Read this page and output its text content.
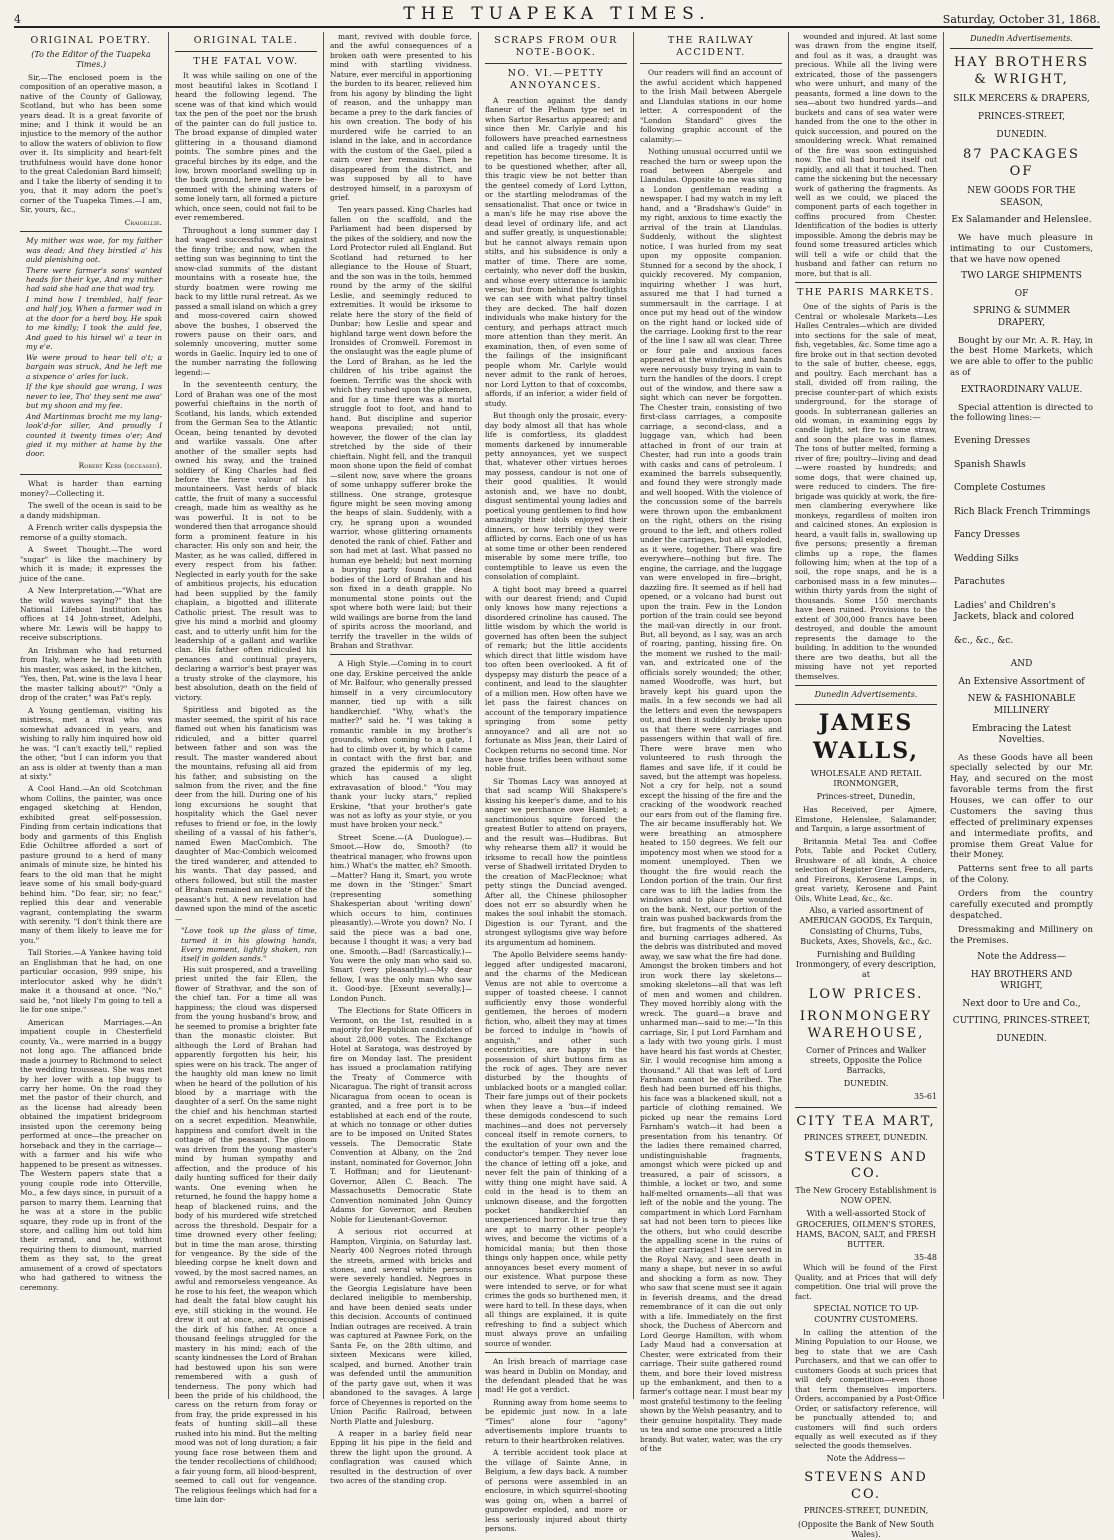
4	THE TUAPEKA TIMES.	Saturday, October 31, 1868.
ORIGINAL POETRY.
(To the Editor of the Tuapeka Times.)

Sir,—The enclosed poem is the composition of an operative mason, a native of the County of Galloway, Scotland, but who has been some years dead. It is a great favorite of mine; and I think it would be an injustice to the memory of the author to allow the waters of oblivion to flow over it. Its simplicity and heart-felt truthfulness would have done honor to the great Caledonian Bard himself; and I take the liberty of sending it to you, that it may adorn the poet's corner of the Tuapeka Times.—I am, Sir, yours, &c.,

Craigellie.

My mither was wae, for my faither was dead; And they birstled a' his auld plenishing oot.

There were farmer's sons' wanted heads for their kye, And my mither had said she had ane that wad try.

I mind how I trembled, half fear and half joy, When a farmer wad in at the door for a herd boy. He spak to me kindly; I took the auld fee, And gaed to his hirsel wi' a tear in my e'e.

We were proud to hear tell o't; a bargain was struck, And he left me a sixpence o' arles for luck.

If the kye should gae wrang, I was never to lee, Tho' they sent me awa' but my shoon and my fee.

And Martinmas brocht me my lang-look'd-for siller, And proudly I counted it twenty times o'er; And gied it my mither at hame by the door.

Robert Kerr (deceased).

What is harder than earning money?—Collecting it.

The swell of the ocean is said to be a dandy midshipman.

A French writer calls dyspepsia the remorse of a guilty stomach.

A Sweet Thought.—The word "sugar" is like the machinery by which it is made; it expresses the juice of the cane.

A New Interpretation.—"What are the wild waves saying?" that the National Lifeboat Institution has offices at 14 John-street, Adelphi, where Mr. Lewis will be happy to receive subscriptions.

An Irishman who had returned from Italy, where he had been with his master, was asked, in the kitchen, "Yes, then, Pat, wine is the lava I hear the master talking about?" "Only a drop of the crater," was Pat's reply.

A Young gentleman, visiting his mistress, met a rival who was somewhat advanced in years, and wishing to rally him inquired how old he was. "I can't exactly tell," replied the other, "but I can inform you that an ass is older at twenty than a man at sixty."

A Cool Hand.—An old Scotchman whom Collins, the painter, was once engaged sketching at Hendon, exhibited great self-possession. Finding from certain indications that body and garments of this English Edie Ochiltree afforded a sort of pasture ground to a herd of many animals of minute size, he hinted his fears to the old man that he might leave some of his small body-guard behind him. "Do fear, sir; no fear," replied this dear and venerable vagrant, contemplating the swarm with serenity. "I don't think there are many of them likely to leave me for you."

Tall Stories.—A Yankee having told an Englishman that he had, on one particular occasion, 999 snipe, his interlocutor asked why he didn't make it a thousand at once. "No," said he, "not likely I'm going to tell a lie for one snipe."

American Marriages.—An impatient couple in Chesterfield county, Va., were married in a buggy not long ago. The affianced bride made a journey to Richmond to select the wedding trousseau. She was met by her lover with a top buggy to carry her home. On the road they met the pastor of their church, and as the license had already been obtained the impatient bridegroom insisted upon the ceremony being performed at once—the preacher on horseback and they in the carriage—with a farmer and his wife who happened to be present as witnesses. The Western papers state that a young couple rode into Otterville, Mo., a few days since, in pursuit of a parson to marry them. Learning that he was at a store in the public square, they rode up in front of the store, and calling him out told him their errand, and he, without requiring them to dismount, married them as they sat, to the great amusement of a crowd of spectators who had gathered to witness the ceremony.

ORIGINAL TALE.
THE FATAL VOW.

It was while sailing on one of the most beautiful lakes in Scotland I heard the following legend. The scene was of that kind which would tax the pen of the poet nor the brush of the painter can do full justice to. The broad expanse of dimpled water glittering in a thousand diamond points. The sombre pines and the graceful birches by its edge, and the low, brown moorland swelling up in the back ground, here and there be-gemmed with the shining waters of some lonely tarn, all formed a picture which, once seen, could not fail to be ever remembered.

Throughout a long summer day I had waged successful war against the finny tribe; and now, when the setting sun was beginning to tint the snow-clad summits of the distant mountains with a roseate hue, the sturdy boatmen were rowing me back to my little rural retreat. As we passed a small island on which a grey and moss-covered cairn showed above the bushes, I observed the rowers pause on their oars, and solemnly uncovering, mutter some words in Gaelic. Inquiry led to one of the number narrating the following legend:—

In the seventeenth century, the Lord of Brahan was one of the most powerful chieftains in the north of Scotland, his lands, which extended from the German Sea to the Atlantic Ocean, being tenanted by devoted and warlike vassals. One after another of the smaller septs had owned his sway, and the trained soldiery of King Charles had fled before the fierce valour of his mountaineers. Vast herds of black cattle, the fruit of many a successful creagh, made him as wealthy as he was powerful. It is not to be wondered then that arrogance should form a prominent feature in his character. His only son and heir, the Master, as he was called, differed in every respect from his father. Neglected in early youth for the sake of ambitious projects, his education had been supplied by the family chaplain, a bigotted and illiterate Catholic priest. The result was to give his mind a morbid and gloomy cast, and to utterly unfit him for the leadership of a gallant and warlike clan. His father often ridiculed his penances and continual prayers, declaring a warrior's best prayer was a trusty stroke of the claymore, his best absolution, death on the field of victory.

Spiritless and bigoted as the master seemed, the spirit of his race flamed out when his fanaticism was ridiculed, and a bitter quarrel between father and son was the result. The master wandered about the mountains, refusing all aid from his father, and subsisting on the salmon from the river, and the fine deer from the hill. During one of his long excursions he sought that hospitality which the Gael never refuses to friend or foe, in the lowly sheiling of a vassal of his father's, named Ewen MacCombich. The daughter of Mac-Combich welcomed the tired wanderer, and attended to his wants. That day passed, and others followed, but still the master of Brahan remained an inmate of the peasant's hut. A new revelation had dawned upon the mind of the ascetic—

"Love took up the glass of time, turned it in his glowing hands, Every moment, lightly shaken, ran itself in golden sands."

His suit prospered, and a travelling priest united the fair Ellen, the flower of Strathvar, and the son of the chief tan. For a time all was happiness; the cloud was dispersed from the young husband's brow, and he seemed to promise a brighter fate than the monastic cloister. But although the Lord of Brahan had apparently forgotten his heir, his spies were on his track. The anger of the haughty old man knew no limit when he heard of the pollution of his blood by a marriage with the daughter of a serf. On the same night the chief and his henchman started on a secret expedition. Meanwhile, happiness and comfort dwelt in the cottage of the peasant. The gloom was driven from the young master's mind by human sympathy and affection, and the produce of his daily hunting sufficed for their daily wants. One evening when he returned, he found the happy home a heap of blackened ruins, and the body of his murdered wife stretched across the threshold. Despair for a time drowned every other feeling; but in time the man arose, thirsting for vengeance. By the side of the bleeding corpse he knelt down and vowed, by the most sacred names, an awful and remorseless vengeance. As he rose to his feet, the weapon which had dealt the fatal blow caught his eye, still sticking in the wound. He drew it out at once, and recognised the dirk of his father. At once a thousand feelings struggled for the mastery in his mind; each of the scanty kindnesses the Lord of Brahan had bestowed upon his son were remembered with a gush of tenderness. The pony which had been the pride of his childhood, the caress on the return from foray or from fray, the pride expressed in his feats of hunting skill—all these rushed into his mind. But the melting mood was not of long duration; a fair young face rose between them and the tender recollections of childhood; a fair young form, all blood-besprent, seemed to call out for vengeance. The religious feelings which had for a time lain dor-

mant, revived with double force, and the awful consequences of a broken oath were presented to his mind with startling vividness. Nature, ever merciful in apportioning the burden to its bearer, relieved him from his agony by blinding the light of reason, and the unhappy man became a prey to the dark fancies of his own creation. The body of his murdered wife he carried to an island in the lake, and in accordance with the custom of the Gael, piled a cairn over her remains. Then he disappeared from the district, and was supposed by all to have destroyed himself, in a paroxysm of grief.

Ten years passed. King Charles had fallen on the scaffold, and the Parliament had been dispersed by the pikes of the soldiery, and now the Lord Protector ruled all England. But Scotland had returned to her allegiance to the House of Stuart, and the son was in the toils, hemmed round by the army of the skilful Leslie, and seemingly reduced to extremities. It would be irksome to relate here the story of the field of Dunbar; how Leslie and spear and highland targe went down before the Ironsides of Cromwell. Foremost in the onslaught was the eagle plume of the Lord of Brahan, as he led the children of his tribe against the foemen. Terrific was the shock with which they rushed upon the pikemen, and for a time there was a mortal struggle foot to foot, and hand to hand. But discipline and superior weapons prevailed; not until, however, the flower of the clan lay stretched by the side of their chieftain. Night fell, and the tranquil moon shone upon the field of combat—silent now, save where the groans of some unhappy sufferer broke the stillness. One strange, grotesque figure might be seen moving among the heaps of slain. Suddenly, with a cry, he sprang upon a wounded warrior, whose glittering ornaments denoted the rank of chief. Father and son had met at last. What passed no human eye beheld; but next morning a burying party found the dead bodies of the Lord of Brahan and his son fixed in a death grapple. No monumental stone points out the spot where both were laid; but their wild wailings are borne from the land of spirits across the moorland, and terrify the traveller in the wilds of Brahan and Strathvar.

A High Style.—Coming in to court one day, Erskine perceived the ankle of Mr. Balfour, who generally pressed himself in a very circumlocutory manner, tied up with a silk handkerchief. "Why, what's the matter?" said he. "I was taking a romantic ramble in my brother's grounds, when coming to a gate, I had to climb over it, by which I came in contact with the first bar, and grazed the epidermis of my leg, which has caused a slight extravasation of blood." "You may thank your lucky stars," replied Erskine, "that your brother's gate was not as lofty as your style, or you must have broken your neck."

Street Scene.—(A Duologue).—Smoot.—How do, Smooth? (to theatrical manager, who frowns upon him.) What's the matter, eh? Smooth.—Matter? Hang it, Smart, you wrote me down in the 'Stinger.' Smart (representing something Shakesperian about 'writing down' which occurs to him, continues pleasantly).—Wrote you down? No. I said the piece was a bad one, because I thought it was; a very bad one. Smooth.—Bad! (Sarcastically.)—You were the only man who said so. Smart (very pleasantly).—My dear fellow, I was the only man who saw it. Good-bye. [Exeunt severally.]—London Punch.

The Elections for State Officers in Vermont, on the 1st, resulted in a majority for Republican candidates of about 28,000 votes. The Exchange Hotel at Saratoga, was destroyed by fire on Monday last. The president has issued a proclamation ratifying the Treaty of Commerce with Nicaragua. The right of transit across Nicaragua from ocean to ocean is granted, and a free port is to be established at each end of the route, at which no tonnage or other duties are to be imposed on United States vessels. The Democratic State Convention at Albany, on the 2nd instant, nominated for Governor, John T. Hoffman; and for Lieutenant-Governor, Allen C. Beach. The Massachusetts Democratic State Convention nominated John Quincy Adams for Governor, and Reuben Noble for Lieutenant-Governor.

A serious riot occurred at Hampton, Virginia, on Saturday last. Nearly 400 Negroes rioted through the streets, armed with bricks and stones, and several white persons were severely handled. Negroes in the Georgia Legislature have been declared ineligible to membership, and have been denied seats under this decision. Accounts of continued Indian outrages are received. A train was captured at Pawnee Fork, on the Santa Fe, on the 28th ultimo, and sixteen Mexicans were killed, scalped, and burned. Another train was defended until the ammunition of the party gave out, when it was abandoned to the savages. A large force of Cheyennes is reported on the Union Pacific Railroad, between North Platte and Julesburg.

A reaper in a barley field near Epping lit his pipe in the field and threw the light upon the ground. A conflagration was caused which resulted in the destruction of over two acres of the standing crop.

SCRAPS FROM OUR NOTE-BOOK.
NO. VI.—PETTY ANNOYANCES.

A reaction against the dandy flaneur of the Pelham type set in when Sartor Resartus appeared; and since then Mr. Carlyle and his followers have preached earnestness and called life a tragedy until the repetition has become tiresome. It is to be questioned whether, after all, this tragic view be not better than the genteel comedy of Lord Lytton, or the startling melodramas of the sensationalist. That once or twice in a man's life he may rise above the dead level of ordinary life, and act and suffer greatly, is unquestionable; but he cannot always remain upon stilts, and his subsidence is only a matter of time. There are some, certainly, who never doff the buskin, and whose every utterance is iambic verse; but from behind the footlights we can see with what paltry tinsel they are decked. The half dozen individuals who make history for the century, and perhaps attract much more attention than they merit. An examination, then, of even some of the failings of the insignificant people whom Mr. Carlyle would never admit to the rank of heroes, nor Lord Lytton to that of coxcombs, affords, if an inferior, a wider field of study.

But though only the prosaic, every-day body almost all that has whole life is comfortless, its gladdest moments darkened by innumerable petty annoyances, yet we suspect that, whatever other virtues heroes may possess, candour is not one of their good qualities. It would astonish and, we have no doubt, disgust sentimental young ladies and poetical young gentlemen to find how amazingly their idols enjoyed their dinners, or how terribly they were afflicted by corns. Each one of us has at some time or other been rendered miserable by some mere trifle, too contemptible to leave us even the consolation of complaint.

A tight boot may breed a quarrel with our dearest friend; and Cupid only knows how many rejections a disordered crinoline has caused. The little wisdom by which the world is governed has often been the subject of remark; but the little accidents which direct that little wisdom have too often been overlooked. A fit of dyspepsy may disturb the peace of a continent, and lead to the slaughter of a million men. How often have we let pass the fairest chances on account of the temporary impatience springing from some petty annoyance? and all are not so fortunate as Miss Jean, their Laird of Cockpen returns no second time. Nor have those trifles been without some noble fruit.

Sir Thomas Lacy was annoyed at that sad scamp Will Shakspere's kissing his keeper's dame, and to his anger we perchance owe Hamlet; a sanctimonious squire forced the greatest Butler to attend on prayers, and the result was—Hudibras. But why rehearse them all? it would be irksome to recall how the pointless verse of Shadwell irritated Dryden to the creation of MacFlecknoe; what petty stings the Dunciad avenged. After all, the Chinese philosopher does not err so absurdly when he makes the soul inhabit the stomach. Digestion is our Tyrant, and the strongest syllogisms give way before its argumentum ad hominem.

The Apollo Belvidere seems handy-legged after undigested macaroni, and the charms of the Medicean Venus are not able to overcome a supper of toasted cheese. I cannot sufficiently envy those wonderful gentlemen, the heroes of modern fiction, who, albeit they may at times be forced to indulge in "howls of anguish," and other such eccentricities, are happy in the possession of shirt buttons firm as the rock of ages. They are never disturbed by the thoughts of unblacked boots or a mangled collar. Their fare jumps out of their pockets when they leave a 'bus—if indeed these demigods condescend to such machines—and does not perversely conceal itself in remote corners, to the exultation of your own and the conductor's temper. They never lose the chance of letting off a joke, and never felt the pain of thinking of a witty thing one might have said. A cold in the head is to them an unknown disease, and the forgotten pocket handkerchief an unexperienced horror. It is true they are apt to marry other people's wives, and become the victims of a homicidal mania; but then those things only happen once, while petty annoyances beset every moment of our existence. What purpose these were intended to serve, or for what crimes the gods so burthened men, it were hard to tell. In these days, when all things are explained, it is quite refreshing to find a subject which must always prove an unfailing source of wonder.

An Irish breach of marriage case was heard in Dublin on Monday, and the defendant pleaded that he was mad! He got a verdict.

Running away from home seems to be epidemic just now. In a late "Times" alone four "agony" advertisements implore truants to return to their heartbroken relatives.

A terrible accident took place at the village of Sainte Anne, in Belgium, a few days back. A number of persons were assembled in an enclosure, in which squirrel-shooting was going on, when a barrel of gunpowder exploded, and more or less seriously injured about thirty persons.

THE RAILWAY ACCIDENT.

Our readers will find an account of the awful accident which happened to the Irish Mail between Abergele and Llandulas stations in our home letter. A correspondent of the "London Standard" gives the following graphic account of the calamity:—

Nothing unusual occurred until we reached the turn or sweep upon the road between Abergele and Llandulas. Opposite to me was sitting a London gentleman reading a newspaper. I had my watch in my left hand, and a "Bradshaw's Guide" in my right, anxious to time exactly the arrival of the train at Llandulas. Suddenly, without the slightest notice, I was hurled from my seat upon my opposite companion. Stunned for a second by the shock, I quickly recovered. My companion, inquiring whether I was hurt, assured me that I had turned a summersault in the carriage. I at once put my head out of the window on the right hand or locked side of the carriage. Looking first to the rear of the line I saw all was clear. Three or four pale and anxious faces appeared at the windows, and hands were nervously busy trying in vain to turn the handles of the doors. I crept out of the window, and there saw a sight which can never be forgotten. The Chester train, consisting of two first-class carriages, a composite carriage, a second-class, and a luggage van, which had been attached in front of our train at Chester, had run into a goods train with casks and cans of petroleum. I examined the barrels subsequently, and found they were strongly made and well hooped. With the violence of the concussion some of the barrels were thrown upon the embankment on the right, others on the rising ground to the left, and others rolled under the carriages, but all exploded, as it were, together. There was fire everywhere—nothing but fire. The engine, the carriage, and the luggage van were enveloped in fire—bright, dazzling fire. It seemed as if hell had opened, or a volcano had burst out upon the train. Few in the London portion of the train could see beyond the mail-van directly in our front. But, all beyond, as I say, was an arch of roaring, panting, hissing fire. On the moment we rushed to the mail-van, and extricated one of the officials sorely wounded; the other, named Woodroffe, was hurt, but bravely kept his guard upon the mails. In a few seconds we had all the letters and even the newspapers out, and then it suddenly broke upon us that there were carriages and passengers within that wall of fire. There were brave men who volunteered to rush through the flames and save life, if it could be saved, but the attempt was hopeless. Not a cry for help, not a sound except the hissing of the fire and the cracking of the woodwork reached our ears from out of the flaming fire. The air became insufferably hot. We were breathing an atmosphere heated to 150 degrees. We felt our impotency most when we stood for a moment unemployed. Then we thought the fire would reach the London portion of the train. Our first care was to lift the ladies from the windows and to place the wounded on the bank. Next, our portion of the train was pushed backwards from the fire, but fragments of the shattered and burning carriages adhered. As the debris was distributed and moved away, we saw what the fire had done. Amongst the broken timbers and hot iron work there lay skeletons—smoking skeletons—all that was left of men and women and children. They moved horribly along with the wreck. The guard—a brave and unharmed man—said to me:—"In this carriage, Sir, I put Lord Farnham and a lady with two young girls. I must have heard his fast words at Chester, Sir. I would recognise him among a thousand." All that was left of Lord Farnham cannot be described. The flesh had been burned off his thighs, his face was a blackened skull, not a particle of clothing remained. We picked up near the remains Lord Farnham's watch—it had been a presentation from his tenantry. Of the ladies there remained charred, undistinguishable fragments, amongst which were picked up and treasured, a pair of scissors, a thimble, a locket or two, and some half-melted ornaments—all that was left of the noble and the young. The compartment in which Lord Farnham sat had not been torn to pieces like the others, but who could describe the appalling scene in the ruins of the other carriages! I have served in the Royal Navy, and seen death in many a shape, but never in so awful and shocking a form as now. They who saw that scene must see it again in feverish dreams, and the dread remembrance of it can die out only with a life. Immediately on the first shock, the Duchess of Abercorn and Lord George Hamilton, with whom Lady Maud had a conversation at Chester, were extricated from their carriage. Their suite gathered round them, and bore their loved mistress up the embankment, and then to a farmer's cottage near. I must bear my most grateful testimony to the feeling shown by the Welsh peasantry, and to their genuine hospitality. They made us tea and some one procured a little brandy. But water, water, was the cry of the

wounded and injured. At last some was drawn from the engine itself, and foul as it was, a draught was precious. While all the living were extricated, those of the passengers who were unhurt, and many of the peasants, formed a line down to the sea—about two hundred yards—and buckets and cans of sea water were handed from the one to the other in quick succession, and poured on the smouldering wreck. What remained of the fire was soon extinguished now. The oil had burned itself out rapidly, and all that it touched. Then came the sickening but the necessary work of gathering the fragments. As well as we could, we placed the component parts of each together in coffins procured from Chester. Identification of the bodies is utterly impossible. Among the debris may be found some treasured articles which will tell a wife or child that the husband and father can return no more, but that is all.

THE PARIS MARKETS.

One of the sights of Paris is the Central or wholesale Markets—Les Halles Centrales—which are divided into sections for the sale of meat, fish, vegetables, &c. Some time ago a fire broke out in that section devoted to the sale of butter, cheese, eggs, and poultry. Each merchant has a stall, divided off from railing, the precise counter-part of which exists underground, for the storage of goods. In subterranean galleries an old woman, in examining eggs by candle light, set fire to some straw, and soon the place was in flames. The tons of butter melted, forming a river of fire; poultry—living and dead—were roasted by hundreds; and some dogs, that were chained up, were reduced to cinders. The fire-brigade was quickly at work, the fire-men clambering everywhere like monkeys, regardless of molten iron and calcined stones. An explosion is heard, a vault falls in, swallowing up five persons; presently a fireman climbs up a rope, the flames following him; when at the top of a soil, the rope snaps, and he is a carbonised mass in a few minutes—within thirty yards from the sight of thousands. Some 150 merchants have been ruined. Provisions to the extent of 300,000 francs have been destroyed, and double the amount represents the damage to the building. In addition to the wounded there are two deaths, but all the missing have not yet reported themselves.

Dunedin Advertisements.
JAMES WALLS,
WHOLESALE AND RETAIL IRONMONGER,
Princes-street, Dunedin,

Has Received, per Ajmere, Elmstone, Helenslee, Salamander, and Tarquin, a large assortment of

Britannia Metal Tea and Coffee Pots, Table and Pocket Cutlery, Brushware of all kinds, A choice selection of Register Grates, Fenders, and Fireirons, Kerosene Lamps, in great variety, Kerosene and Paint Oils, White Lead, &c., &c.

Also, a varied assortment of AMERICAN GOODS, Ex Tarquin, Consisting of Churns, Tubs, Buckets, Axes, Shovels, &c., &c.
Furnishing and Building Ironmongery, of every description, at
LOW PRICES.
IRONMONGERY WAREHOUSE,
Corner of Princes and Walker streets, Opposite the Police Barracks,
DUNEDIN.
35-61
CITY TEA MART,
PRINCES STREET, DUNEDIN.
STEVENS AND CO.
The New Grocery Establishment is NOW OPEN.
With a well-assorted Stock of GROCERIES, OILMEN'S STORES, HAMS, BACON, SALT, and FRESH BUTTER.
35-48

Which will be found of the First Quality, and at Prices that will defy competition. One trial will prove the fact.

SPECIAL NOTICE TO UP-COUNTRY CUSTOMERS.

In calling the attention of the Mining Population to our House, we beg to state that we are Cash Purchasers, and that we can offer to customers Goods at such prices that will defy competition—even those that term themselves importers. Orders, accompanied by a Post-Office Order, or satisfactory reference, will be punctually attended to; and customers will find such orders equally as well executed as if they selected the goods themselves.

Note the Address—
STEVENS AND CO.
PRINCES-STREET, DUNEDIN,
(Opposite the Bank of New South Wales).
Dunedin Advertisements.
HAY BROTHERS & WRIGHT,
SILK MERCERS & DRAPERS,
PRINCES-STREET,
DUNEDIN.
87 PACKAGES OF
NEW GOODS FOR THE SEASON,
Ex Salamander and Helenslee.

We have much pleasure in intimating to our Customers, that we have now opened

TWO LARGE SHIPMENTS
OF
SPRING & SUMMER DRAPERY,

Bought by our Mr. A. R. Hay, in the best Home Markets, which we are able to offer to the public as of

EXTRAORDINARY VALUE.

Special attention is directed to the following lines:—

Evening Dresses
Spanish Shawls
Complete Costumes
Rich Black French Trimmings
Fancy Dresses
Wedding Silks
Parachutes
Ladies' and Children's Jackets, black and colored
&c., &c., &c.
AND
An Extensive Assortment of
NEW & FASHIONABLE MILLINERY
Embracing the Latest Novelties.

As these Goods have all been specially selected by our Mr. Hay, and secured on the most favorable terms from the first Houses, we can offer to our Customers the saving thus effected of preliminary expenses and intermediate profits, and promise them Great Value for their Money.

Patterns sent free to all parts of the Colony.

Orders from the country carefully executed and promptly despatched.

Dressmaking and Millinery on the Premises.

Note the Address—
HAY BROTHERS AND WRIGHT,
Next door to Ure and Co.,
CUTTING, PRINCES-STREET,
DUNEDIN.
